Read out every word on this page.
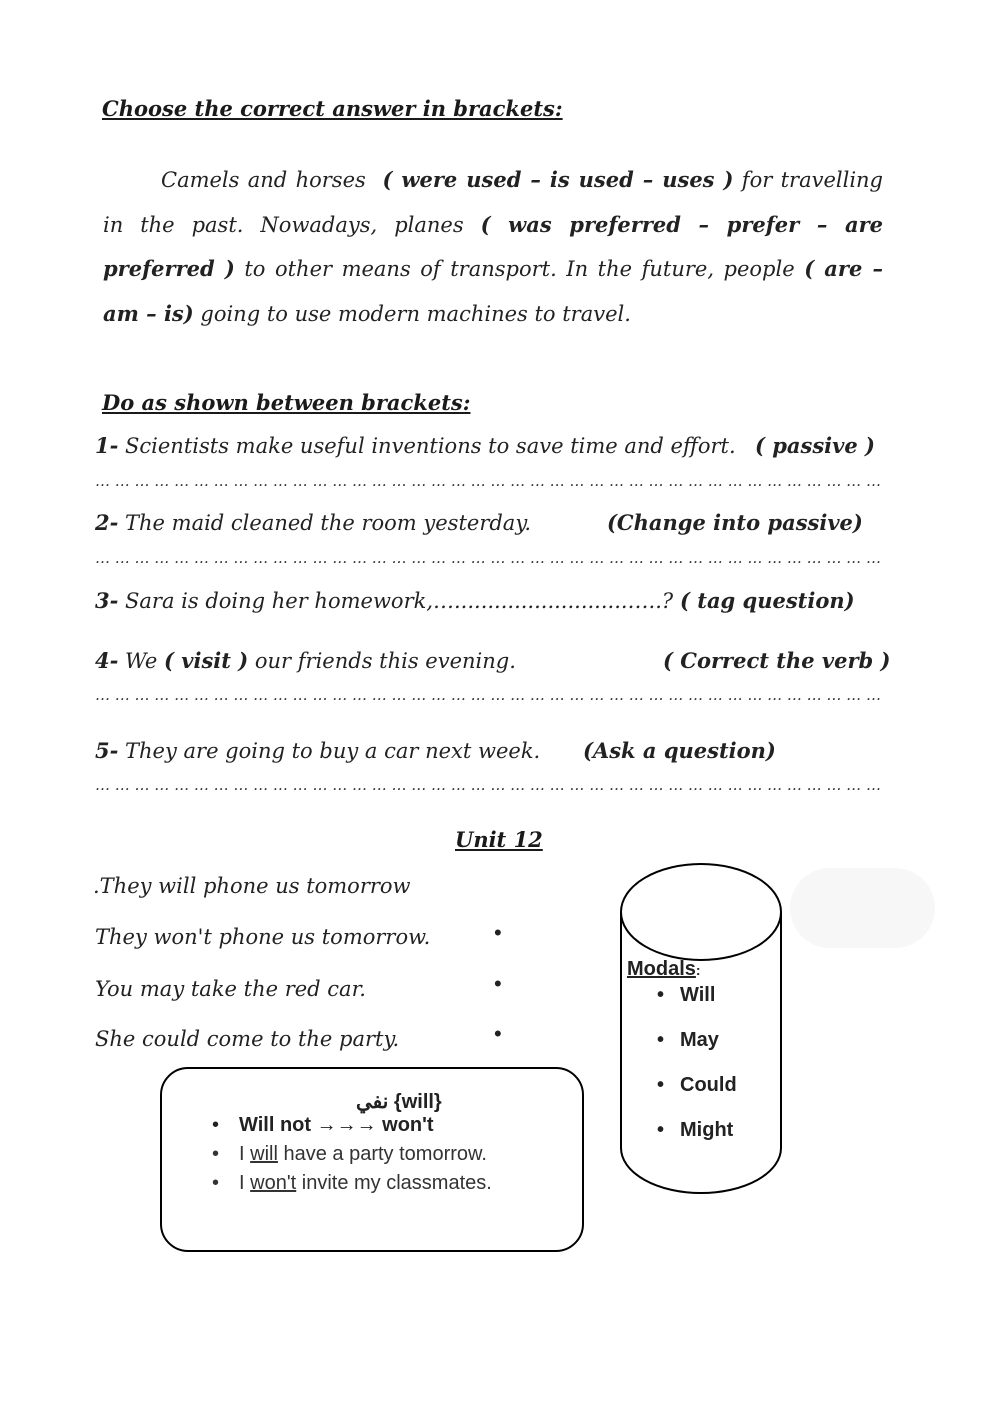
Choose the correct answer in brackets:
Camels and horses ( were used – is used – uses ) for travelling in the past. Nowadays, planes ( was preferred – prefer – are preferred ) to other means of transport. In the future, people ( are – am – is) going to use modern machines to travel.
Do as shown between brackets:
1- Scientists make useful inventions to save time and effort. ( passive )
… … … … … … … … … … … … … … … … … … … … … … … … … … … … … … … … … … … … … … … …
2- The maid cleaned the room yesterday.	(Change into passive)
… … … … … … … … … … … … … … … … … … … … … … … … … … … … … … … … … … … … … … … …
3- Sara is doing her homework,…..........................…..? ( tag question)
4- We ( visit ) our friends this evening.	( Correct the verb )
… … … … … … … … … … … … … … … … … … … … … … … … … … … … … … … … … … … … … … … …
5- They are going to buy a car next week. (Ask a question)
… … … … … … … … … … … … … … … … … … … … … … … … … … … … … … … … … … … … … … … …
Unit 12
.They will phone us tomorrow
They won't phone us tomorrow.
You may take the red car.
She could come to the party.
•
•
•
Modals:
• Will
• May
• Could
• Might
نفي {will}
• Will not →→→ won't
• I will have a party tomorrow.
• I won't invite my classmates.
